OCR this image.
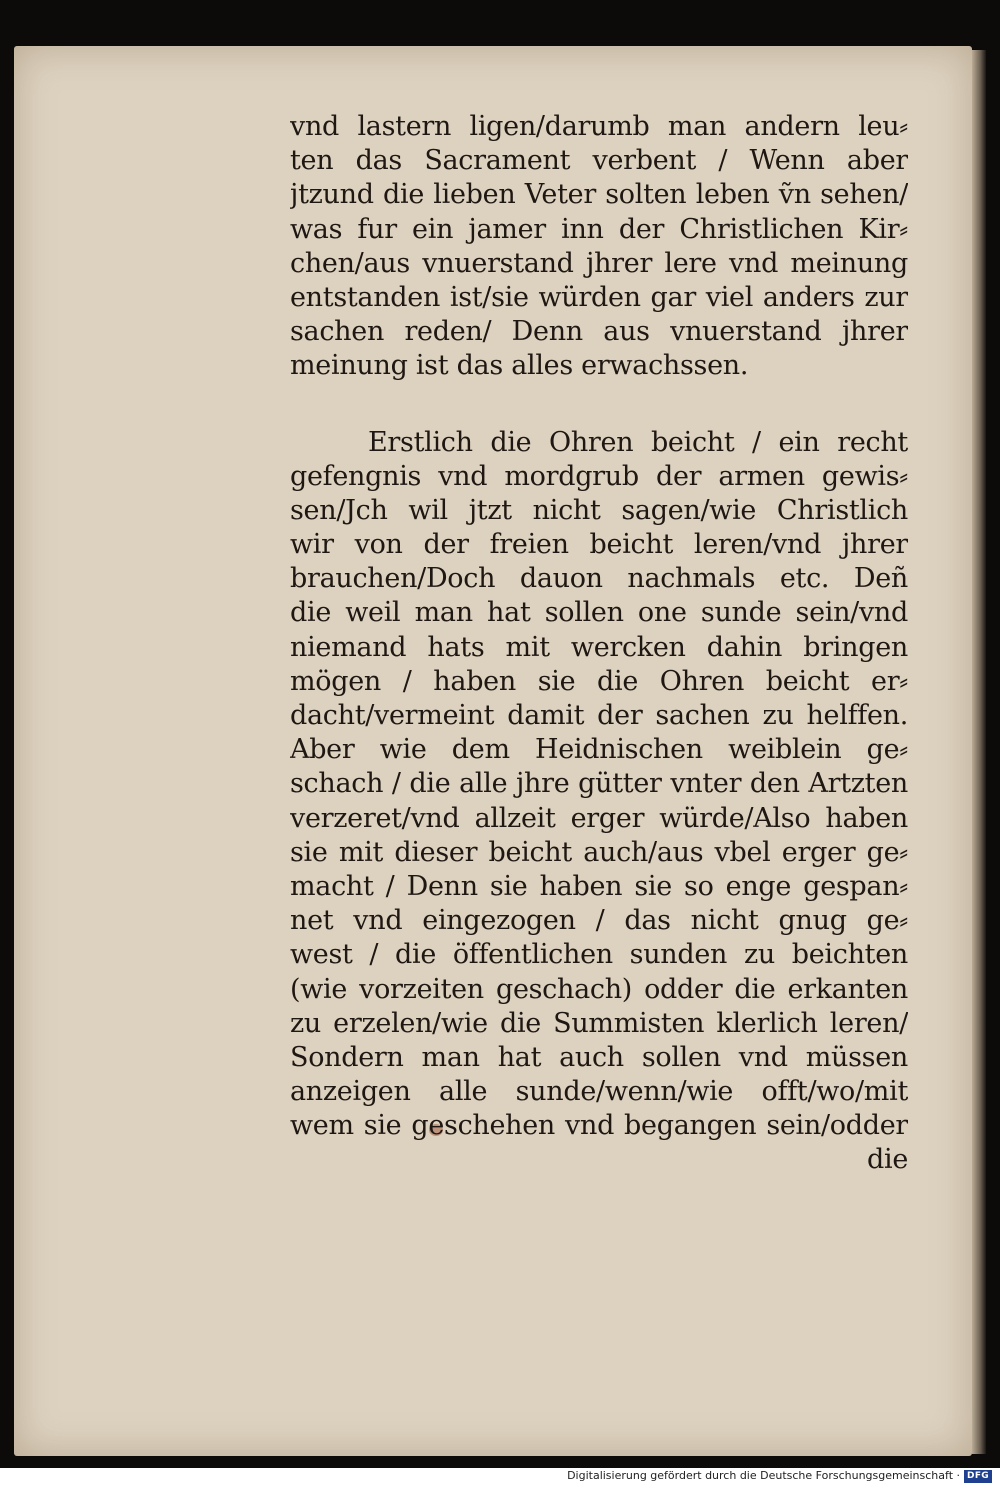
vnd lastern ligen/darumb man andern leu⸗
ten das Sacrament verbent / Wenn aber
jtzund die lieben Veter solten leben ṽn sehen/
was fur ein jamer inn der Christlichen Kir⸗
chen/aus vnuerstand jhrer lere vnd meinung
entstanden ist/sie würden gar viel anders zur
sachen reden/ Denn aus vnuerstand jhrer
meinung ist das alles erwachssen.
Erstlich die Ohren beicht / ein recht
gefengnis vnd mordgrub der armen gewis⸗
sen/Jch wil jtzt nicht sagen/wie Christlich
wir von der freien beicht leren/vnd jhrer
brauchen/Doch dauon nachmals etc. Deñ
die weil man hat sollen one sunde sein/vnd
niemand hats mit wercken dahin bringen
mögen / haben sie die Ohren beicht er⸗
dacht/vermeint damit der sachen zu helffen.
Aber wie dem Heidnischen weiblein ge⸗
schach / die alle jhre gütter vnter den Artzten
verzeret/vnd allzeit erger würde/Also haben
sie mit dieser beicht auch/aus vbel erger ge⸗
macht / Denn sie haben sie so enge gespan⸗
net vnd eingezogen / das nicht gnug ge⸗
west / die öffentlichen sunden zu beichten
(wie vorzeiten geschach) odder die erkanten
zu erzelen/wie die Summisten klerlich leren/
Sondern man hat auch sollen vnd müssen
anzeigen alle sunde/wenn/wie offt/wo/mit
wem sie geschehen vnd begangen sein/odder
die
Digitalisierung gefördert durch die Deutsche Forschungsgemeinschaft · DFG
